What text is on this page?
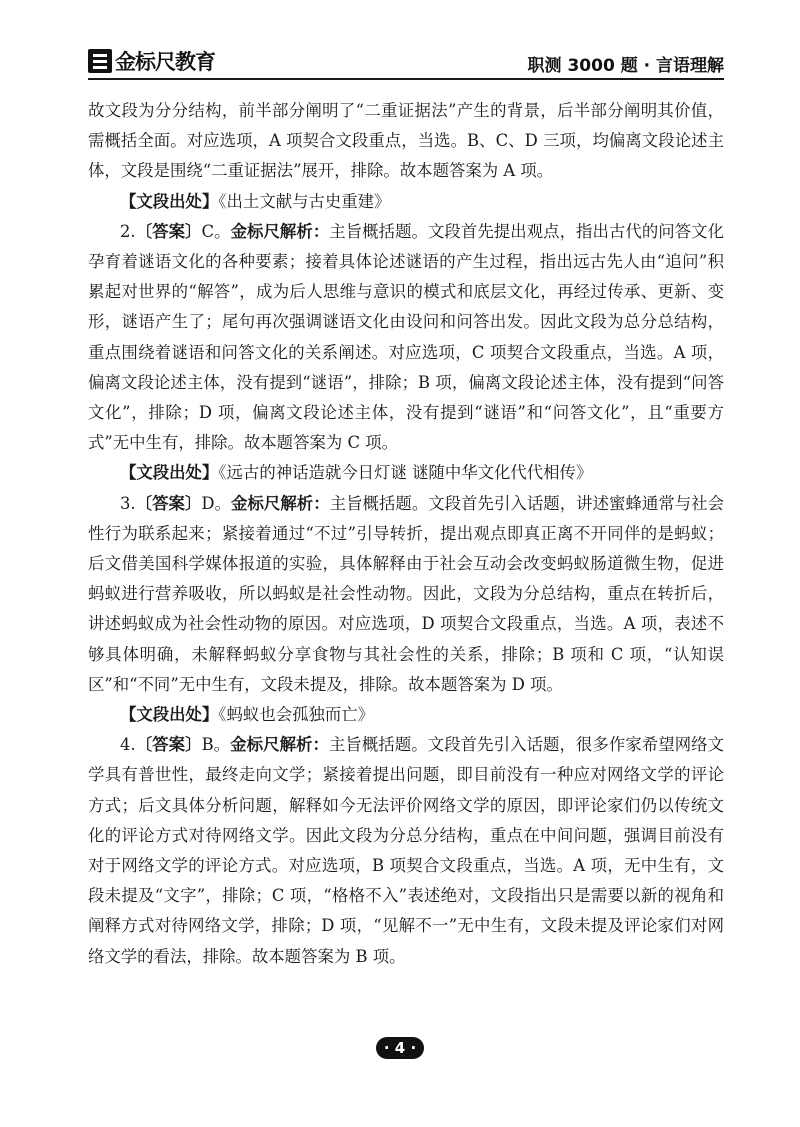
金标尺教育	职测 3000 题 · 言语理解

故文段为分分结构，前半部分阐明了“二重证据法”产生的背景，后半部分阐明其价值，需概括全面。对应选项，A 项契合文段重点，当选。B、C、D 三项，均偏离文段论述主体，文段是围绕“二重证据法”展开，排除。故本题答案为 A 项。

【文段出处】《出土文献与古史重建》

2.〔答案〕C。金标尺解析：主旨概括题。文段首先提出观点，指出古代的问答文化孕育着谜语文化的各种要素；接着具体论述谜语的产生过程，指出远古先人由“追问”积累起对世界的“解答”，成为后人思维与意识的模式和底层文化，再经过传承、更新、变形，谜语产生了；尾句再次强调谜语文化由设问和问答出发。因此文段为总分总结构，重点围绕着谜语和问答文化的关系阐述。对应选项，C 项契合文段重点，当选。A 项，偏离文段论述主体，没有提到“谜语”，排除；B 项，偏离文段论述主体，没有提到“问答文化”，排除；D 项，偏离文段论述主体，没有提到“谜语”和“问答文化”，且“重要方式”无中生有，排除。故本题答案为 C 项。

【文段出处】《远古的神话造就今日灯谜 谜随中华文化代代相传》

3.〔答案〕D。金标尺解析：主旨概括题。文段首先引入话题，讲述蜜蜂通常与社会性行为联系起来；紧接着通过“不过”引导转折，提出观点即真正离不开同伴的是蚂蚁；后文借美国科学媒体报道的实验，具体解释由于社会互动会改变蚂蚁肠道微生物，促进蚂蚁进行营养吸收，所以蚂蚁是社会性动物。因此，文段为分总结构，重点在转折后，讲述蚂蚁成为社会性动物的原因。对应选项，D 项契合文段重点，当选。A 项，表述不够具体明确，未解释蚂蚁分享食物与其社会性的关系，排除；B 项和 C 项，“认知误区”和“不同”无中生有，文段未提及，排除。故本题答案为 D 项。

【文段出处】《蚂蚁也会孤独而亡》

4.〔答案〕B。金标尺解析：主旨概括题。文段首先引入话题，很多作家希望网络文学具有普世性，最终走向文学；紧接着提出问题，即目前没有一种应对网络文学的评论方式；后文具体分析问题，解释如今无法评价网络文学的原因，即评论家们仍以传统文化的评论方式对待网络文学。因此文段为分总分结构，重点在中间问题，强调目前没有对于网络文学的评论方式。对应选项，B 项契合文段重点，当选。A 项，无中生有，文段未提及“文字”，排除；C 项，“格格不入”表述绝对，文段指出只是需要以新的视角和阐释方式对待网络文学，排除；D 项，“见解不一”无中生有，文段未提及评论家们对网络文学的看法，排除。故本题答案为 B 项。

· 4 ·
